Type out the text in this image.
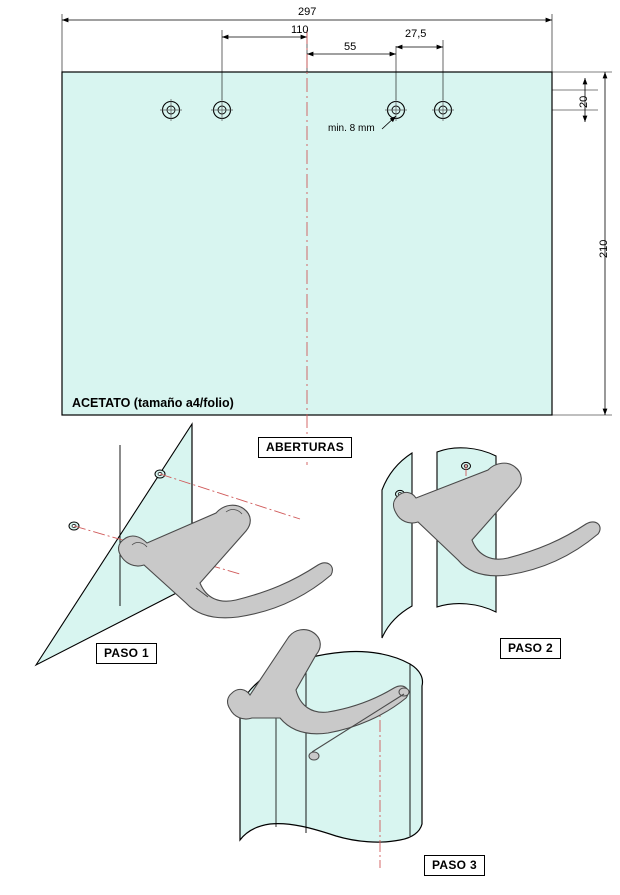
297
110
55
27,5
20
210
min. 8 mm
ACETATO (tamaño a4/folio)
ABERTURAS
PASO 1	PASO 2
PASO 3
